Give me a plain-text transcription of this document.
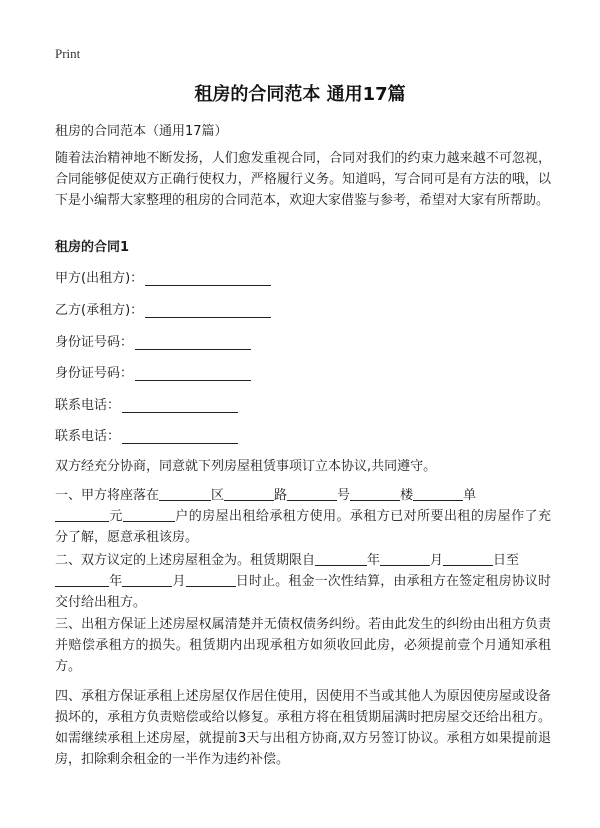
Print
租房的合同范本 通用17篇

租房的合同范本（通用17篇）

随着法治精神地不断发扬，人们愈发重视合同，合同对我们的约束力越来越不可忽视，合同能够促使双方正确行使权力，严格履行义务。知道吗，写合同可是有方法的哦，以下是小编帮大家整理的租房的合同范本，欢迎大家借鉴与参考，希望对大家有所帮助。

租房的合同1

甲方(出租方)：

乙方(承租方)：

身份证号码：

身份证号码：

联系电话：

联系电话：

双方经充分协商，同意就下列房屋租赁事项订立本协议,共同遵守。

一、甲方将座落在	区	路	号	楼	单
元	户的房屋出租给承租方使用。承租方已对所要出租的房屋作了充分了解，愿意承租该房。

二、双方议定的上述房屋租金为。租赁期限自	年	月	日至
年	月	日时止。租金一次性结算，由承租方在签定租房协议时交付给出租方。

三、出租方保证上述房屋权属清楚并无债权债务纠纷。若由此发生的纠纷由出租方负责并赔偿承租方的损失。租赁期内出现承租方如须收回此房，必须提前壹个月通知承租方。

四、承租方保证承租上述房屋仅作居住使用，因使用不当或其他人为原因使房屋或设备损坏的，承租方负责赔偿或给以修复。承租方将在租赁期届满时把房屋交还给出租方。如需继续承租上述房屋，就提前3天与出租方协商,双方另签订协议。承租方如果提前退房，扣除剩余租金的一半作为违约补偿。
